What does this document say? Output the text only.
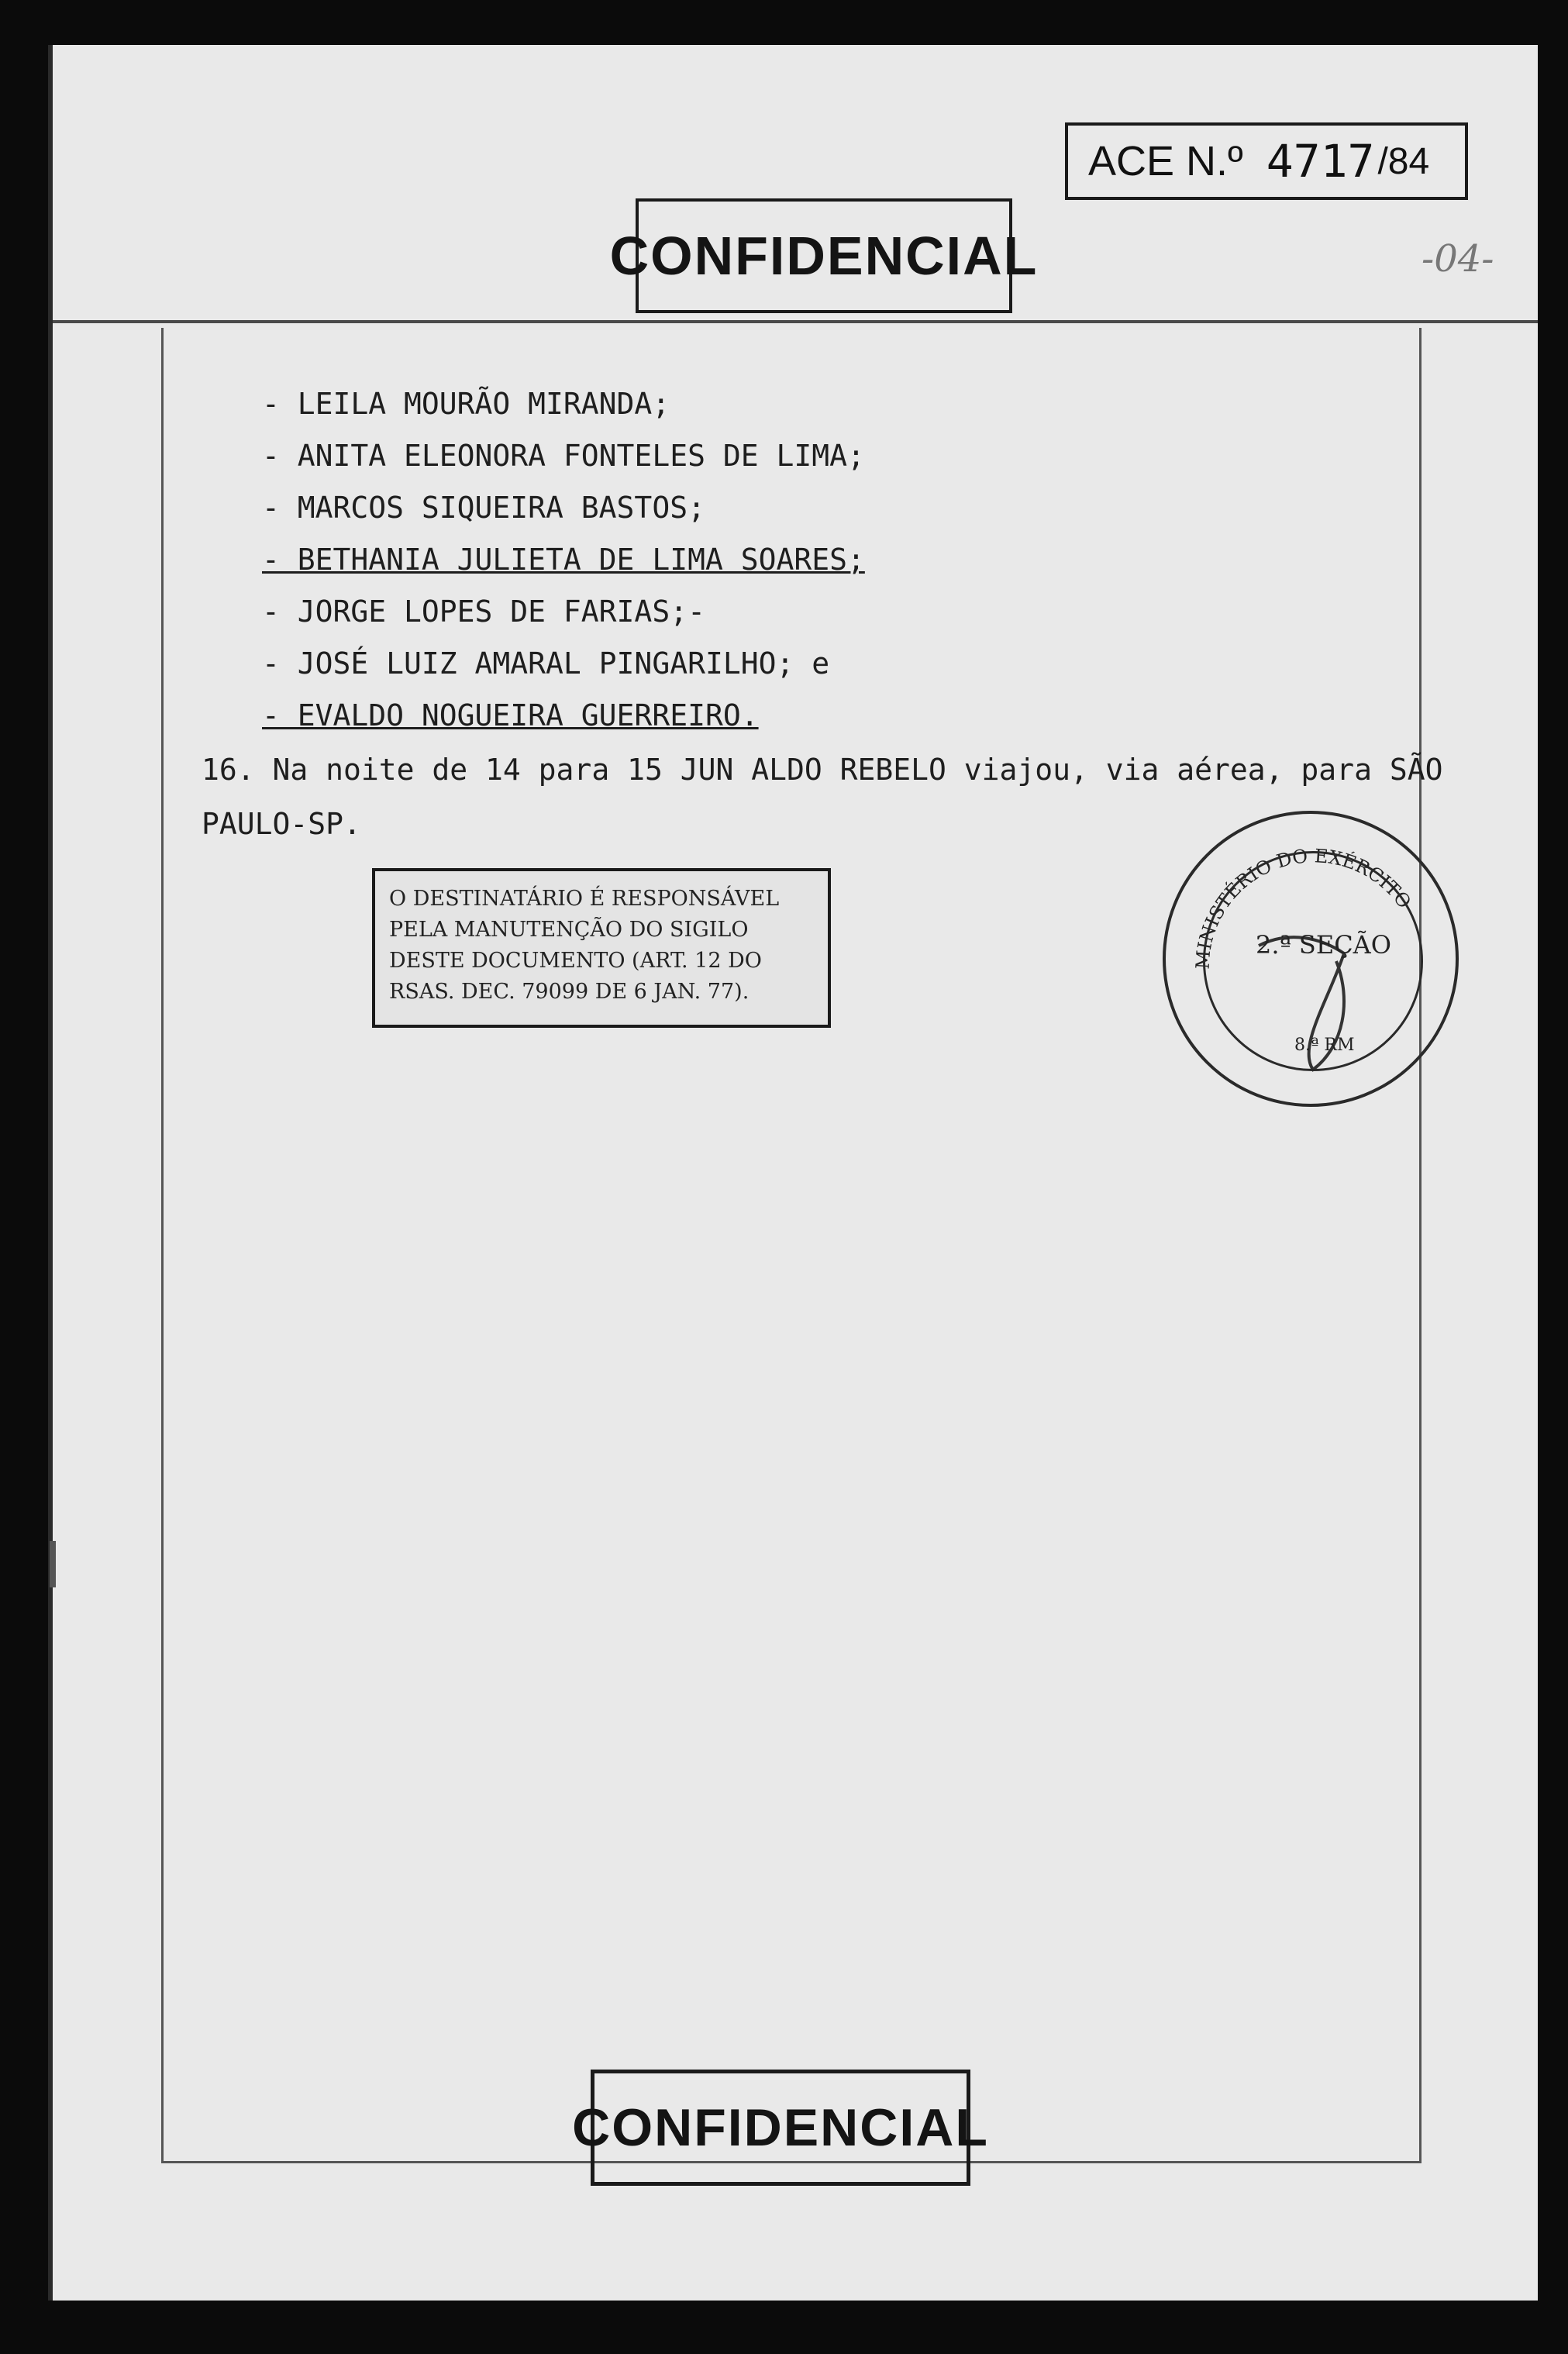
ACE N.º 4717 /84
-04-
CONFIDENCIAL
- LEILA MOURÃO MIRANDA;
- ANITA ELEONORA FONTELES DE LIMA;
- MARCOS SIQUEIRA BASTOS;
- BETHANIA JULIETA DE LIMA SOARES;
- JORGE LOPES DE FARIAS;-
- JOSÉ LUIZ AMARAL PINGARILHO; e
- EVALDO NOGUEIRA GUERREIRO.
16. Na noite de 14 para 15 JUN ALDO REBELO viajou, via aérea, para SÃO
PAULO-SP.
O DESTINATÁRIO É RESPONSÁVEL
PELA MANUTENÇÃO DO SIGILO
DESTE DOCUMENTO (ART. 12 DO
RSAS. DEC. 79099 DE 6 JAN. 77).
MINISTÉRIO DO EXÉRCITO
2.ª SEÇÃO
8.ª RM
CONFIDENCIAL
